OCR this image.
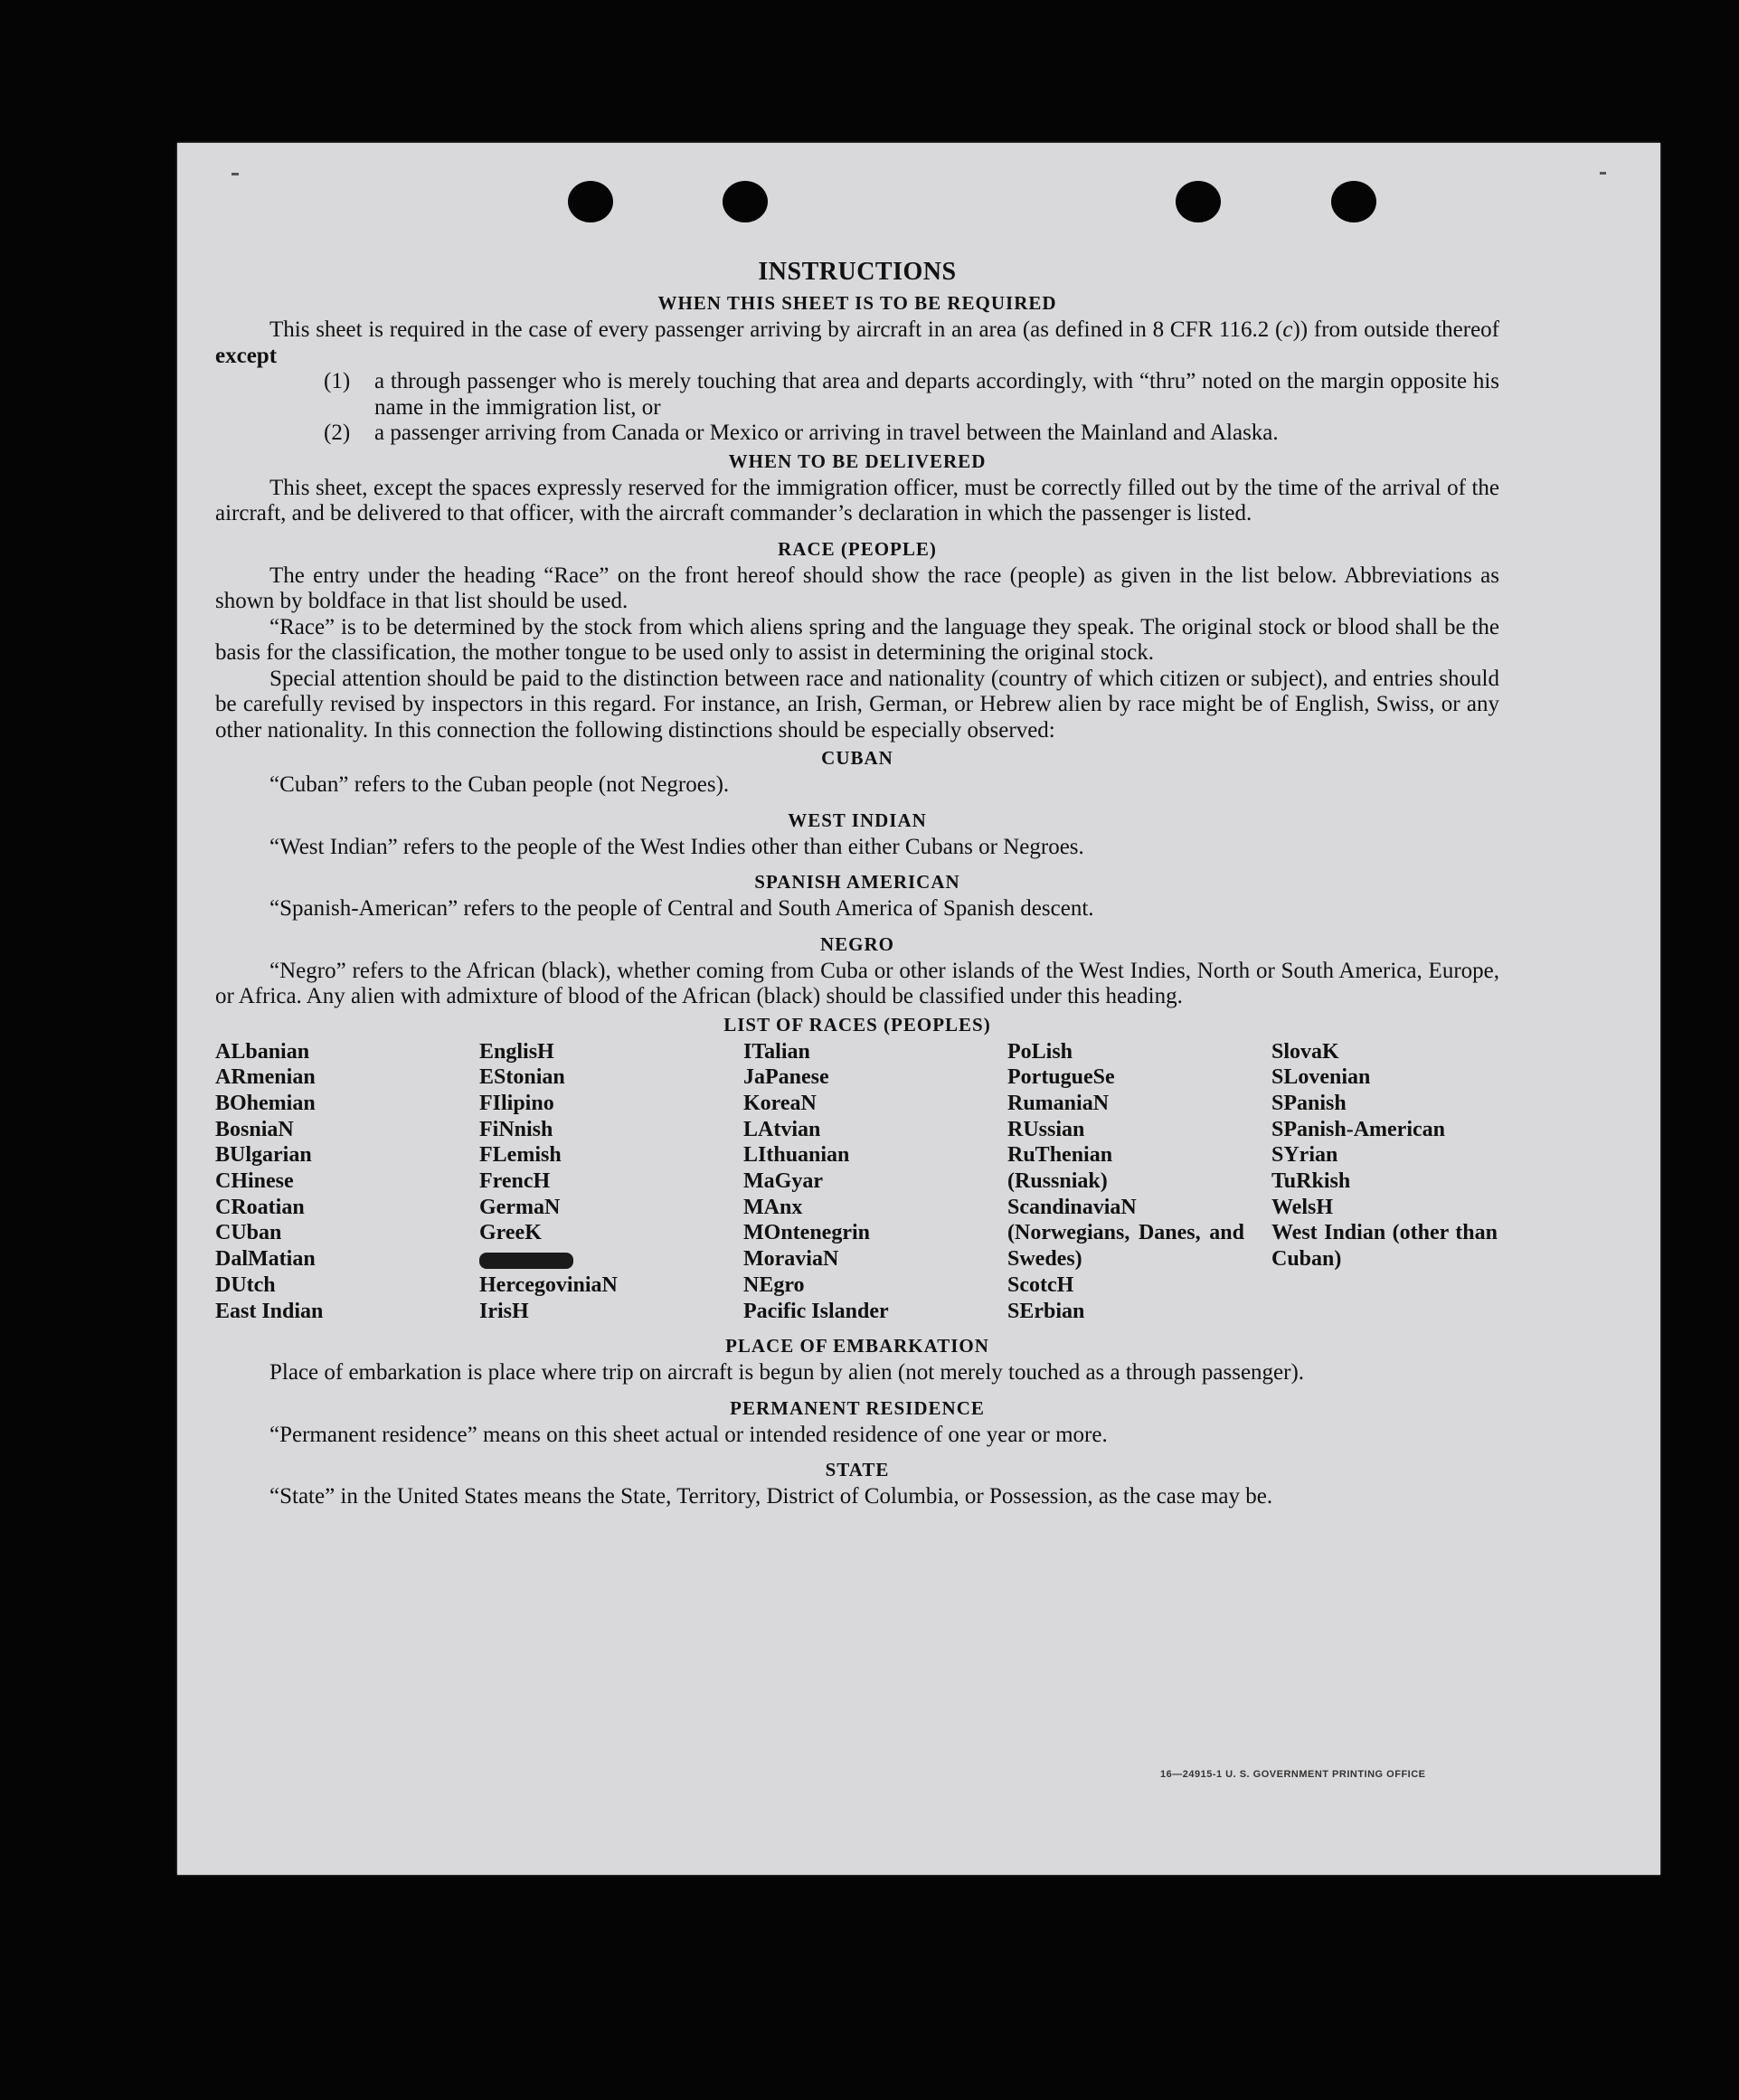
INSTRUCTIONS
WHEN THIS SHEET IS TO BE REQUIRED

This sheet is required in the case of every passenger arriving by aircraft in an area (as defined in 8 CFR 116.2 (c)) from outside thereof except

(1)	a through passenger who is merely touching that area and departs accordingly, with “thru” noted on the margin opposite his name in the immigration list, or
(2)	a passenger arriving from Canada or Mexico or arriving in travel between the Mainland and Alaska.
WHEN TO BE DELIVERED

This sheet, except the spaces expressly reserved for the immigration officer, must be correctly filled out by the time of the arrival of the aircraft, and be delivered to that officer, with the aircraft commander’s declaration in which the passenger is listed.

RACE (PEOPLE)

The entry under the heading “Race” on the front hereof should show the race (people) as given in the list below. Abbreviations as shown by boldface in that list should be used.

“Race” is to be determined by the stock from which aliens spring and the language they speak. The original stock or blood shall be the basis for the classification, the mother tongue to be used only to assist in determining the original stock.

Special attention should be paid to the distinction between race and nationality (country of which citizen or subject), and entries should be carefully revised by inspectors in this regard. For instance, an Irish, German, or Hebrew alien by race might be of English, Swiss, or any other nationality. In this connection the following distinctions should be especially observed:

CUBAN

“Cuban” refers to the Cuban people (not Negroes).

WEST INDIAN

“West Indian” refers to the people of the West Indies other than either Cubans or Negroes.

SPANISH AMERICAN

“Spanish-American” refers to the people of Central and South America of Spanish descent.

NEGRO

“Negro” refers to the African (black), whether coming from Cuba or other islands of the West Indies, North or South America, Europe, or Africa. Any alien with admixture of blood of the African (black) should be classified under this heading.

LIST OF RACES (PEOPLES)
ALbanian
ARmenian
BOhemian
BosniaN
BUlgarian
CHinese
CRoatian
CUban
DalMatian
DUtch
East Indian
EnglisH
EStonian
FIlipino
FiNnish
FLemish
FrencH
GermaN
GreeK
HercegoviniaN
IrisH
ITalian
JaPanese
KoreaN
LAtvian
LIthuanian
MaGyar
MAnx
MOntenegrin
MoraviaN
NEgro
Pacific Islander
PoLish
PortugueSe
RumaniaN
RUssian
RuThenian (Russniak)
ScandinaviaN (Norwegians, Danes, and Swedes)
ScotcH
SErbian
SlovaK
SLovenian
SPanish
SPanish-American
SYrian
TuRkish
WelsH
West Indian (other than Cuban)
PLACE OF EMBARKATION

Place of embarkation is place where trip on aircraft is begun by alien (not merely touched as a through passenger).

PERMANENT RESIDENCE

“Permanent residence” means on this sheet actual or intended residence of one year or more.

STATE

“State” in the United States means the State, Territory, District of Columbia, or Possession, as the case may be.

16—24915-1 U. S. GOVERNMENT PRINTING OFFICE
